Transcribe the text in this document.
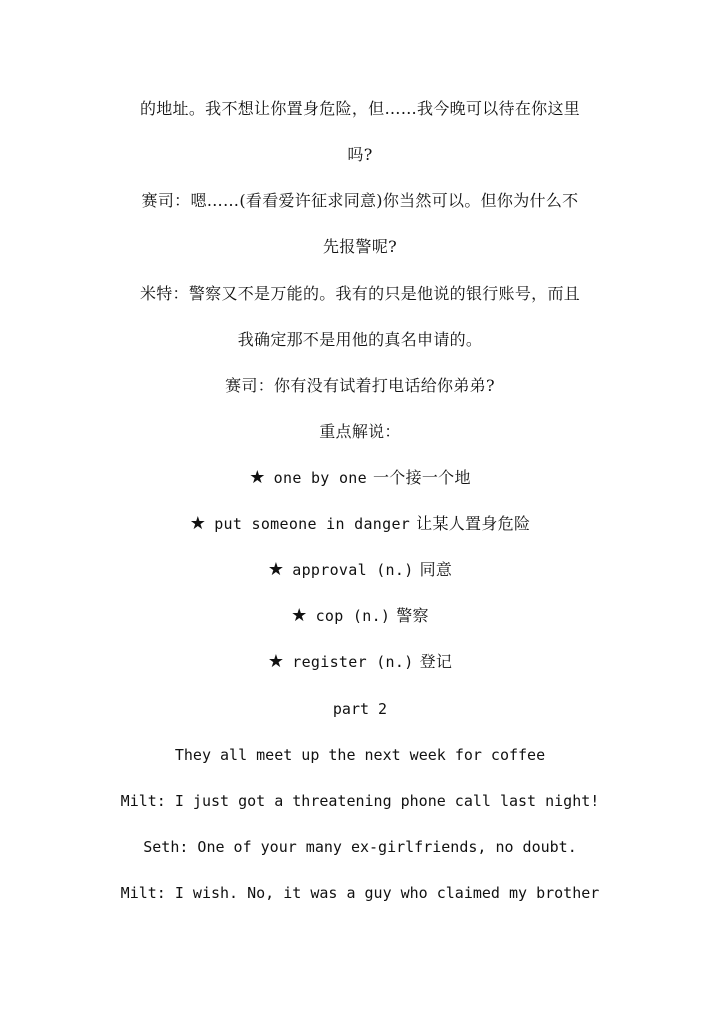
的地址。我不想让你置身危险，但……我今晚可以待在你这里
吗?
赛司：嗯……(看看爱许征求同意)你当然可以。但你为什么不
先报警呢?
米特：警察又不是万能的。我有的只是他说的银行账号，而且
我确定那不是用他的真名申请的。
赛司：你有没有试着打电话给你弟弟?
重点解说：
★ one by one 一个接一个地
★ put someone in danger 让某人置身危险
★ approval (n.) 同意
★ cop (n.) 警察
★ register (n.) 登记
part 2
They all meet up the next week for coffee
Milt: I just got a threatening phone call last night!
Seth: One of your many ex-girlfriends, no doubt.
Milt: I wish. No, it was a guy who claimed my brother
